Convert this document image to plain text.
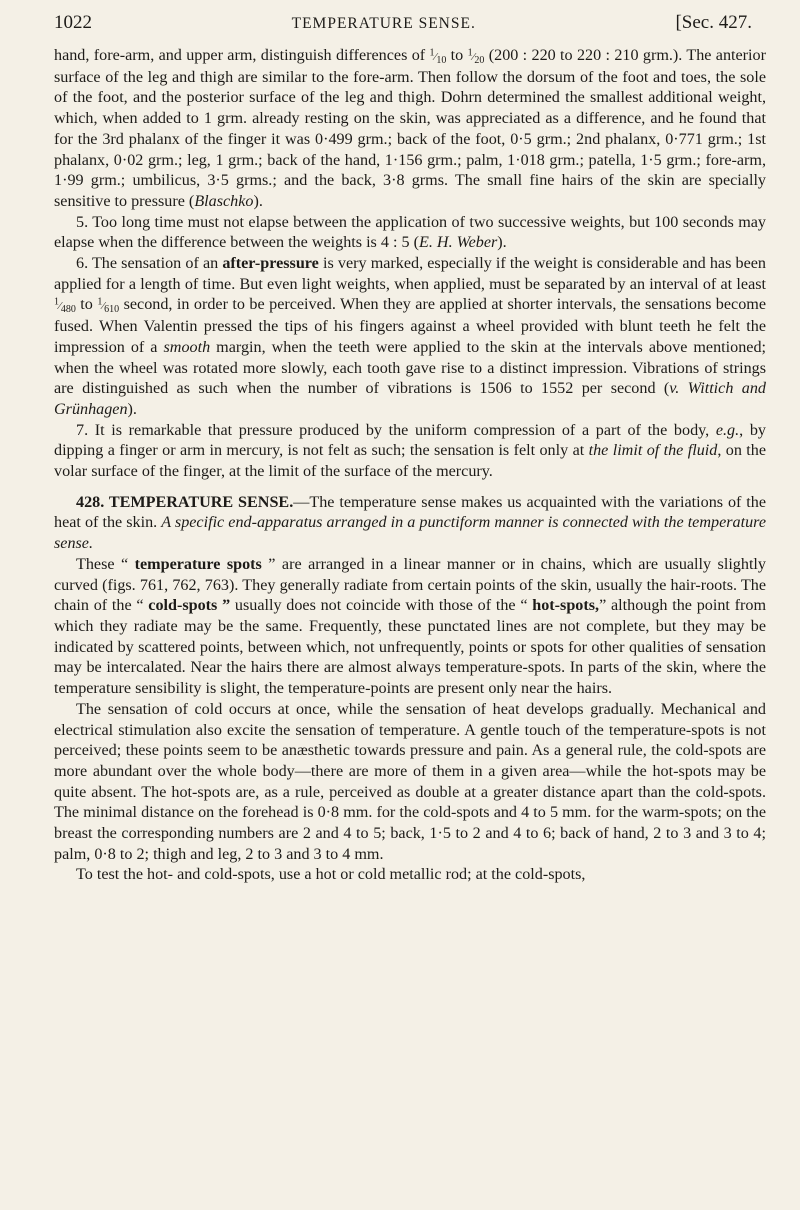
1022	TEMPERATURE SENSE.	[Sec. 427.

hand, fore-arm, and upper arm, distinguish differences of $^1⁄_{10}$ to $^1⁄_{20}$ (200 : 220 to 220 : 210 grm.). The anterior surface of the leg and thigh are similar to the fore-arm. Then follow the dorsum of the foot and toes, the sole of the foot, and the posterior surface of the leg and thigh. Dohrn determined the smallest additional weight, which, when added to 1 grm. already resting on the skin, was appreciated as a difference, and he found that for the 3rd phalanx of the finger it was 0·499 grm.; back of the foot, 0·5 grm.; 2nd phalanx, 0·771 grm.; 1st phalanx, 0·02 grm.; leg, 1 grm.; back of the hand, 1·156 grm.; palm, 1·018 grm.; patella, 1·5 grm.; fore-arm, 1·99 grm.; umbilicus, 3·5 grms.; and the back, 3·8 grms. The small fine hairs of the skin are specially sensitive to pressure (Blaschko).

5. Too long time must not elapse between the application of two successive weights, but 100 seconds may elapse when the difference between the weights is 4 : 5 (E. H. Weber).

6. The sensation of an after-pressure is very marked, especially if the weight is considerable and has been applied for a length of time. But even light weights, when applied, must be separated by an interval of at least $^1⁄_{480}$ to $^1⁄_{610}$ second, in order to be perceived. When they are applied at shorter intervals, the sensations become fused. When Valentin pressed the tips of his fingers against a wheel provided with blunt teeth he felt the impression of a smooth margin, when the teeth were applied to the skin at the intervals above mentioned; when the wheel was rotated more slowly, each tooth gave rise to a distinct impression. Vibrations of strings are distinguished as such when the number of vibrations is 1506 to 1552 per second (v. Wittich and Grünhagen).

7. It is remarkable that pressure produced by the uniform compression of a part of the body, e.g., by dipping a finger or arm in mercury, is not felt as such; the sensation is felt only at the limit of the fluid, on the volar surface of the finger, at the limit of the surface of the mercury.

428. TEMPERATURE SENSE.—The temperature sense makes us acquainted with the variations of the heat of the skin. A specific end-apparatus arranged in a punctiform manner is connected with the temperature sense.

These “ temperature spots ” are arranged in a linear manner or in chains, which are usually slightly curved (figs. 761, 762, 763). They generally radiate from certain points of the skin, usually the hair-roots. The chain of the “ cold-spots ” usually does not coincide with those of the “ hot-spots,” although the point from which they radiate may be the same. Frequently, these punctated lines are not complete, but they may be indicated by scattered points, between which, not unfrequently, points or spots for other qualities of sensation may be intercalated. Near the hairs there are almost always temperature-spots. In parts of the skin, where the temperature sensibility is slight, the temperature-points are present only near the hairs.

The sensation of cold occurs at once, while the sensation of heat develops gradually. Mechanical and electrical stimulation also excite the sensation of temperature. A gentle touch of the temperature-spots is not perceived; these points seem to be anæsthetic towards pressure and pain. As a general rule, the cold-spots are more abundant over the whole body—there are more of them in a given area—while the hot-spots may be quite absent. The hot-spots are, as a rule, perceived as double at a greater distance apart than the cold-spots. The minimal distance on the forehead is 0·8 mm. for the cold-spots and 4 to 5 mm. for the warm-spots; on the breast the corresponding numbers are 2 and 4 to 5; back, 1·5 to 2 and 4 to 6; back of hand, 2 to 3 and 3 to 4; palm, 0·8 to 2; thigh and leg, 2 to 3 and 3 to 4 mm.

To test the hot- and cold-spots, use a hot or cold metallic rod; at the cold-spots,
